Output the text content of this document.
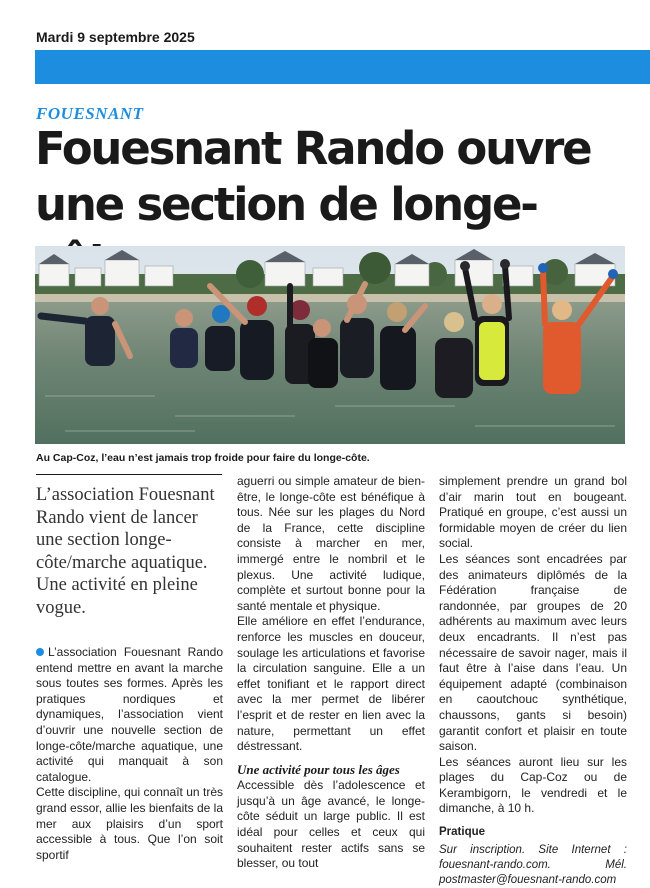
Mardi 9 septembre 2025
FOUESNANT
Fouesnant Rando ouvre une section de longe-
Au Cap-Coz, l’eau n’est jamais trop froide pour faire du longe-côte.
L’association Fouesnant Rando vient de lancer une section longe-côte/marche aquatique. Une activité en pleine vogue.

L’association Fouesnant Rando entend mettre en avant la marche sous toutes ses formes. Après les pratiques nordiques et dynamiques, l’association vient d’ouvrir une nouvelle section de longe-côte/marche aquatique, une activité qui manquait à son catalogue.

Cette discipline, qui connaît un très grand essor, allie les bienfaits de la mer aux plaisirs d’un sport accessible à tous. Que l’on soit sportif

aguerri ou simple amateur de bien-être, le longe-côte est bénéfique à tous. Née sur les plages du Nord de la France, cette discipline consiste à marcher en mer, immergé entre le nombril et le plexus. Une activité ludique, complète et surtout bonne pour la santé mentale et physique.

Elle améliore en effet l’endurance, renforce les muscles en douceur, soulage les articulations et favorise la circulation sanguine. Elle a un effet tonifiant et le rapport direct avec la mer permet de libérer l’esprit et de rester en lien avec la nature, permettant un effet déstressant.

Une activité pour tous les âges

Accessible dès l’adolescence et jusqu’à un âge avancé, le longe-côte séduit un large public. Il est idéal pour celles et ceux qui souhaitent rester actifs sans se blesser, ou tout

simplement prendre un grand bol d’air marin tout en bougeant. Pratiqué en groupe, c’est aussi un formidable moyen de créer du lien social.

Les séances sont encadrées par des animateurs diplômés de la Fédération française de randonnée, par groupes de 20 adhérents au maximum avec leurs deux encadrants. Il n’est pas nécessaire de savoir nager, mais il faut être à l’aise dans l’eau. Un équipement adapté (combinaison en caoutchouc synthétique, chaussons, gants si besoin) garantit confort et plaisir en toute saison.

Les séances auront lieu sur les plages du Cap-Coz ou de Kerambigorn, le vendredi et le dimanche, à 10 h.

Pratique

Sur inscription. Site Internet : fouesnant-rando.com. Mél. postmaster@fouesnant-rando.com
